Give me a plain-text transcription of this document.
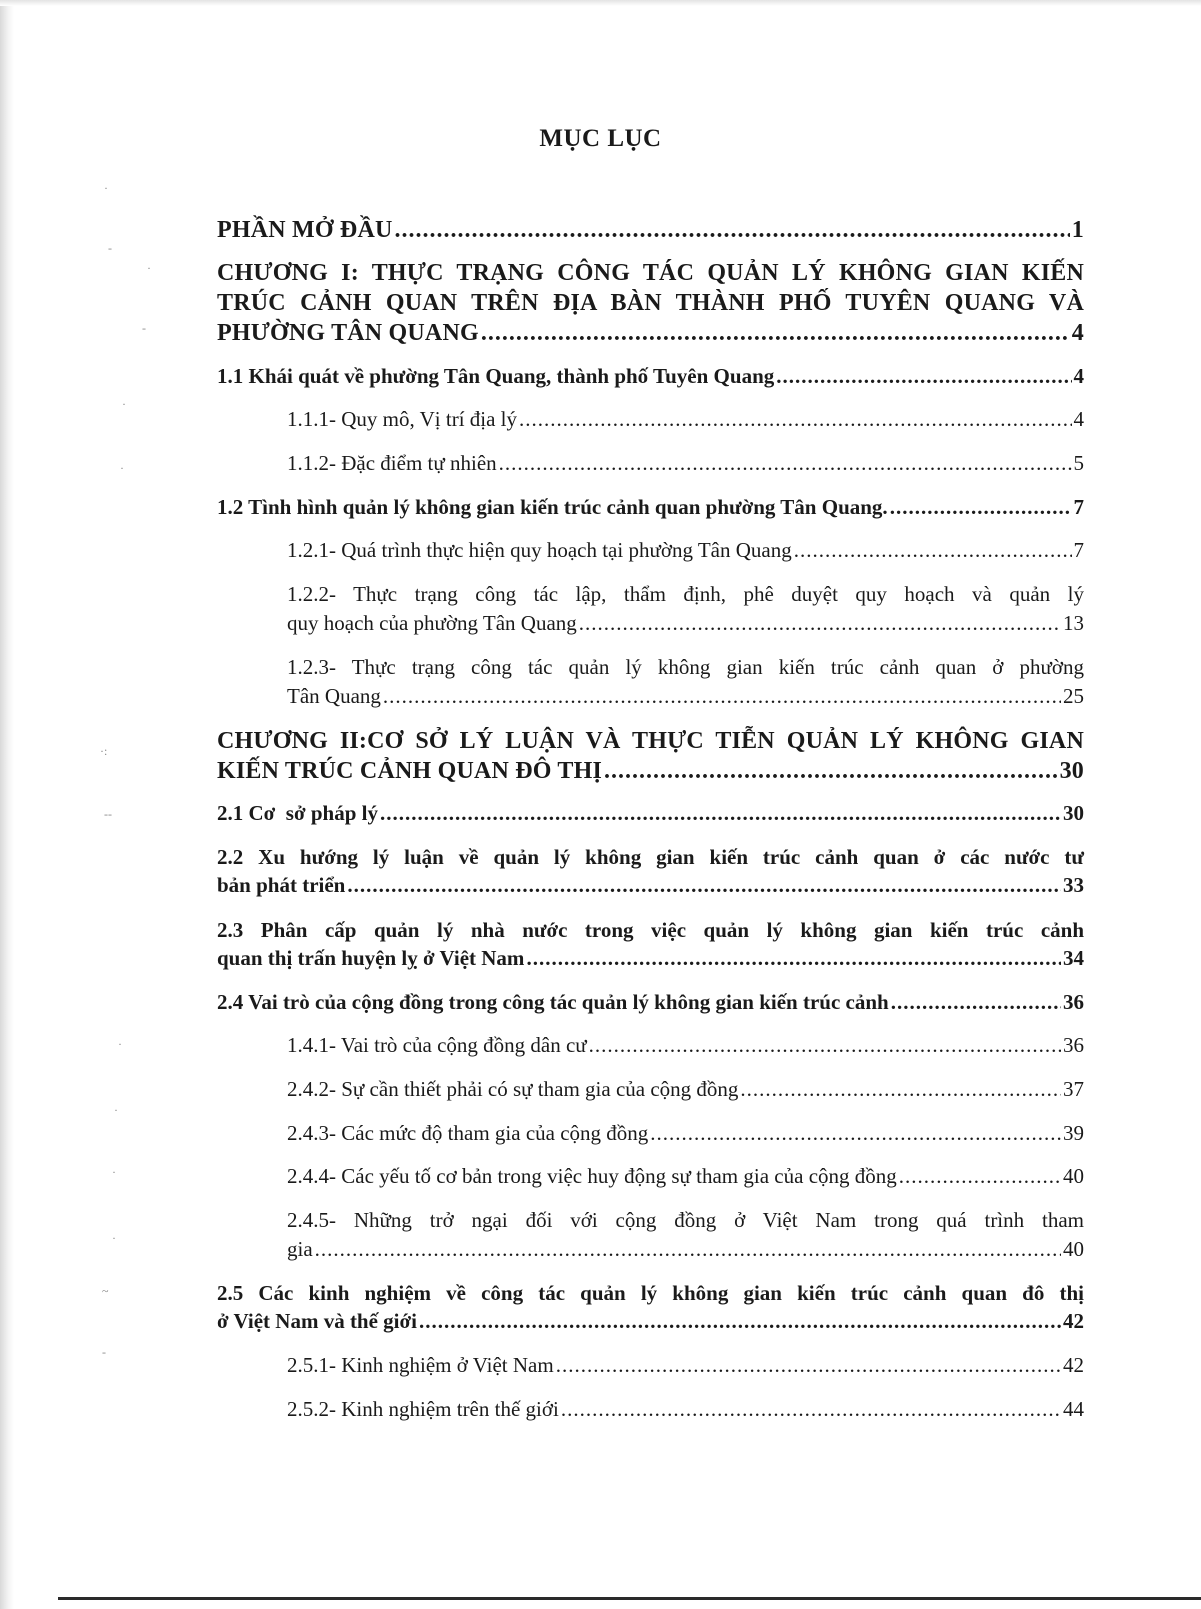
·
-
·
-
·
·
·:
--
·
·
·
·
~
-
MỤC LỤC
PHẦN MỞ ĐẦU .....	1
CHƯƠNG I: THỰC TRẠNG CÔNG TÁC QUẢN LÝ KHÔNG GIAN KIẾN
TRÚC CẢNH QUAN TRÊN ĐỊA BÀN THÀNH PHỐ TUYÊN QUANG VÀ
PHƯỜNG TÂN QUANG .....	4
1.1 Khái quát về phường Tân Quang, thành phố Tuyên Quang .....	4
1.1.1- Quy mô, Vị trí địa lý .....	4
1.1.2- Đặc điểm tự nhiên .....	5
1.2 Tình hình quản lý không gian kiến trúc cảnh quan phường Tân Quang. .....	7
1.2.1- Quá trình thực hiện quy hoạch tại phường Tân Quang .....	7
1.2.2- Thực trạng công tác lập, thẩm định, phê duyệt quy hoạch và quản lý
quy hoạch của phường Tân Quang .....	13
1.2.3- Thực trạng công tác quản lý không gian kiến trúc cảnh quan ở phường
Tân Quang .....	25
CHƯƠNG II:CƠ SỞ LÝ LUẬN VÀ THỰC TIỄN QUẢN LÝ KHÔNG GIAN
KIẾN TRÚC CẢNH QUAN ĐÔ THỊ .....	30
2.1 Cơ  sở pháp lý .....	30
2.2 Xu hướng lý luận về quản lý không gian kiến trúc cảnh quan ở các nước tư
bản phát triển .....	33
2.3 Phân cấp quản lý nhà nước trong việc quản lý không gian kiến trúc cảnh
quan thị trấn huyện lỵ ở Việt Nam .....	34
2.4 Vai trò của cộng đồng trong công tác quản lý không gian kiến trúc cảnh .....	36
1.4.1- Vai trò của cộng đồng dân cư .....	36
2.4.2- Sự cần thiết phải có sự tham gia của cộng đồng .....	37
2.4.3- Các mức độ tham gia của cộng đồng .....	39
2.4.4- Các yếu tố cơ bản trong việc huy động sự tham gia của cộng đồng .....	40
2.4.5- Những trở ngại đối với cộng đồng ở Việt Nam trong quá trình tham
gia .....	40
2.5 Các kinh nghiệm về công tác quản lý không gian kiến trúc cảnh quan đô thị
ở Việt Nam và thế giới .....	42
2.5.1- Kinh nghiệm ở Việt Nam .....	42
2.5.2- Kinh nghiệm trên thế giới .....	44
